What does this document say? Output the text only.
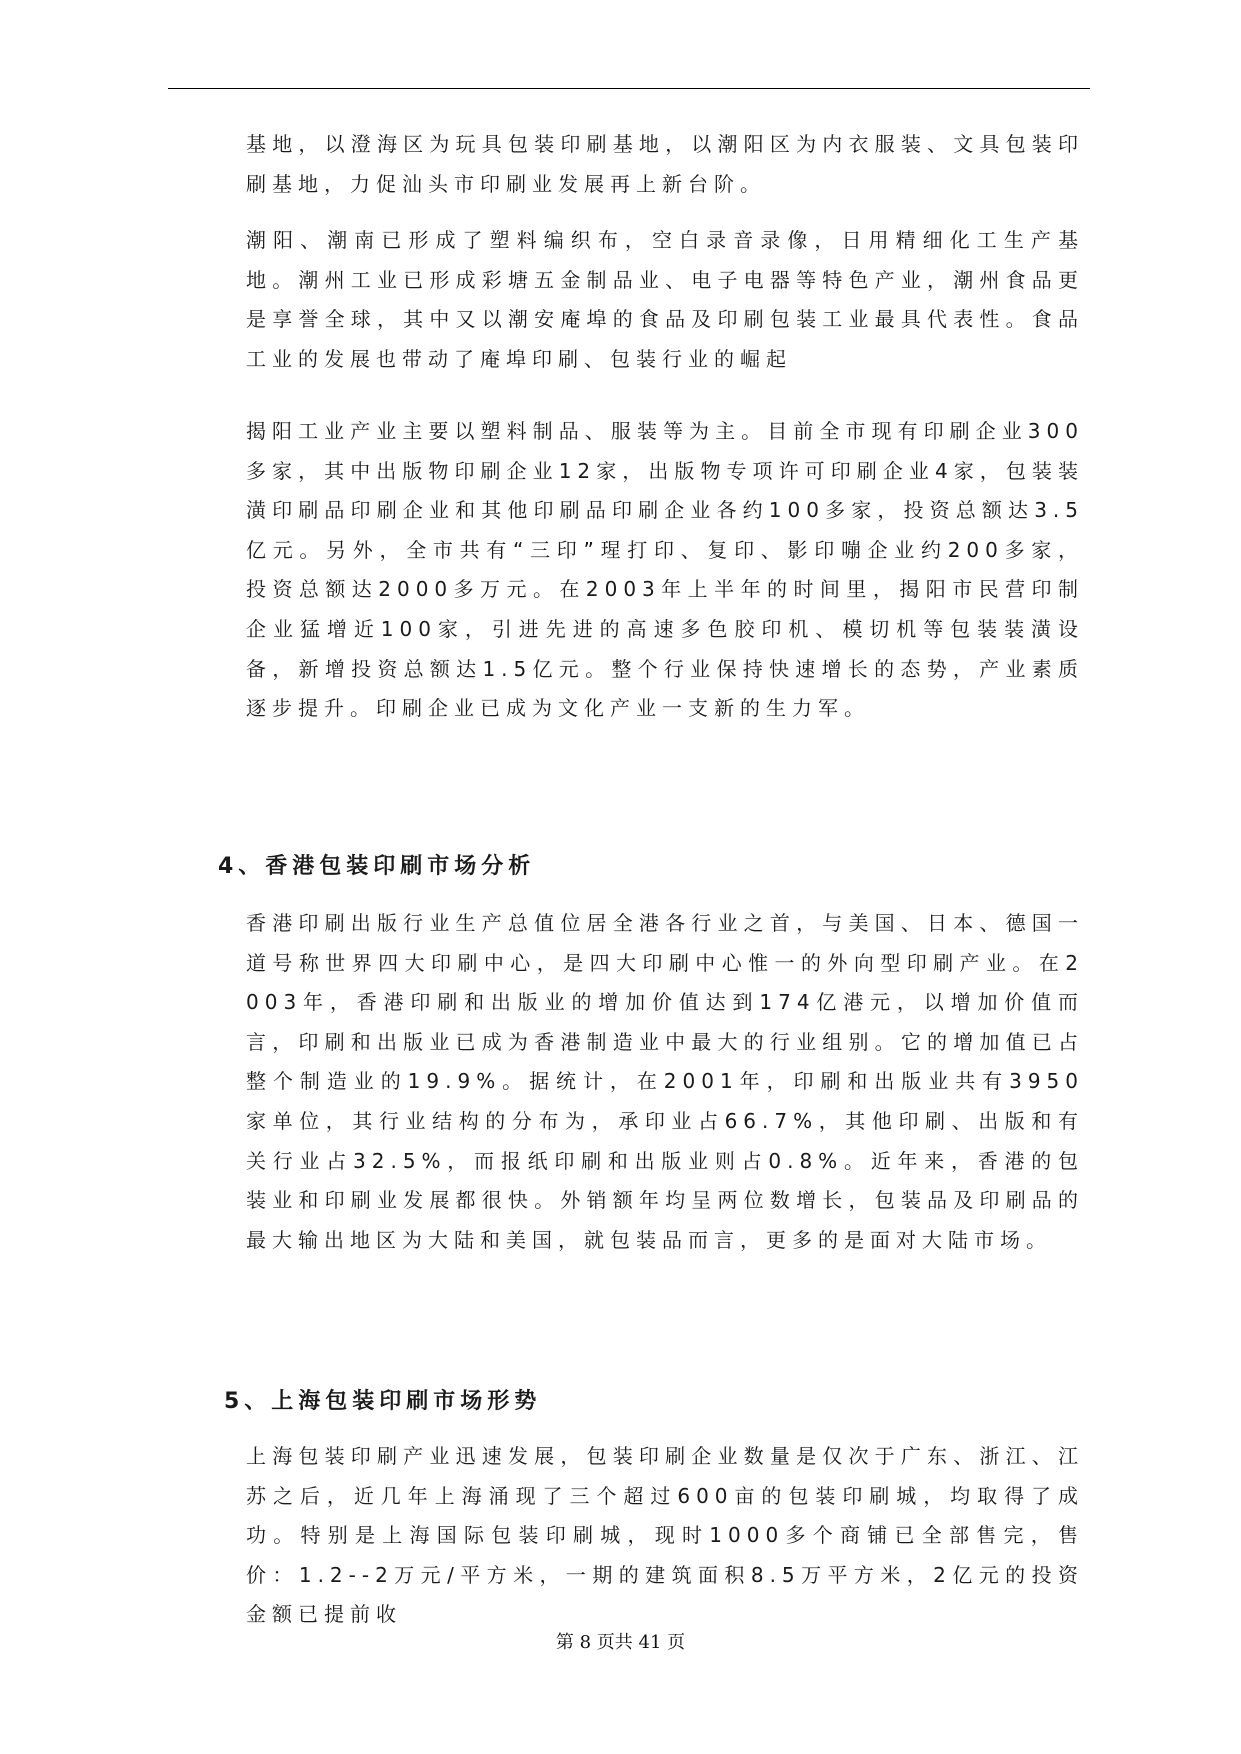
基地，以澄海区为玩具包装印刷基地，以潮阳区为内衣服装、文具包装印刷基地，力促汕头市印刷业发展再上新台阶。

潮阳、潮南已形成了塑料编织布，空白录音录像，日用精细化工生产基地。潮州工业已形成彩塘五金制品业、电子电器等特色产业，潮州食品更是享誉全球，其中又以潮安庵埠的食品及印刷包装工业最具代表性。食品工业的发展也带动了庵埠印刷、包装行业的崛起

揭阳工业产业主要以塑料制品、服装等为主。目前全市现有印刷企业300多家，其中出版物印刷企业12家，出版物专项许可印刷企业4家，包装装潢印刷品印刷企业和其他印刷品印刷企业各约100多家，投资总额达3.5亿元。另外，全市共有“三印”瑆打印、复印、影印嘣企业约200多家，投资总额达2000多万元。在2003年上半年的时间里，揭阳市民营印制企业猛增近100家，引进先进的高速多色胶印机、模切机等包装装潢设备，新增投资总额达1.5亿元。整个行业保持快速增长的态势，产业素质逐步提升。印刷企业已成为文化产业一支新的生力军。

4、香港包装印刷市场分析

香港印刷出版行业生产总值位居全港各行业之首，与美国、日本、德国一道号称世界四大印刷中心，是四大印刷中心惟一的外向型印刷产业。在2003年，香港印刷和出版业的增加价值达到174亿港元，以增加价值而言，印刷和出版业已成为香港制造业中最大的行业组别。它的增加值已占整个制造业的19.9%。据统计，在2001年，印刷和出版业共有3950家单位，其行业结构的分布为，承印业占66.7%，其他印刷、出版和有关行业占32.5%，而报纸印刷和出版业则占0.8%。近年来，香港的包装业和印刷业发展都很快。外销额年均呈两位数增长，包装品及印刷品的最大输出地区为大陆和美国，就包装品而言，更多的是面对大陆市场。

5、上海包装印刷市场形势

上海包装印刷产业迅速发展，包装印刷企业数量是仅次于广东、浙江、江苏之后，近几年上海涌现了三个超过600亩的包装印刷城，均取得了成功。特别是上海国际包装印刷城，现时1000多个商铺已全部售完，售价：1.2--2万元/平方米，一期的建筑面积8.5万平方米，2亿元的投资金额已提前收

第 8 页共 41 页
